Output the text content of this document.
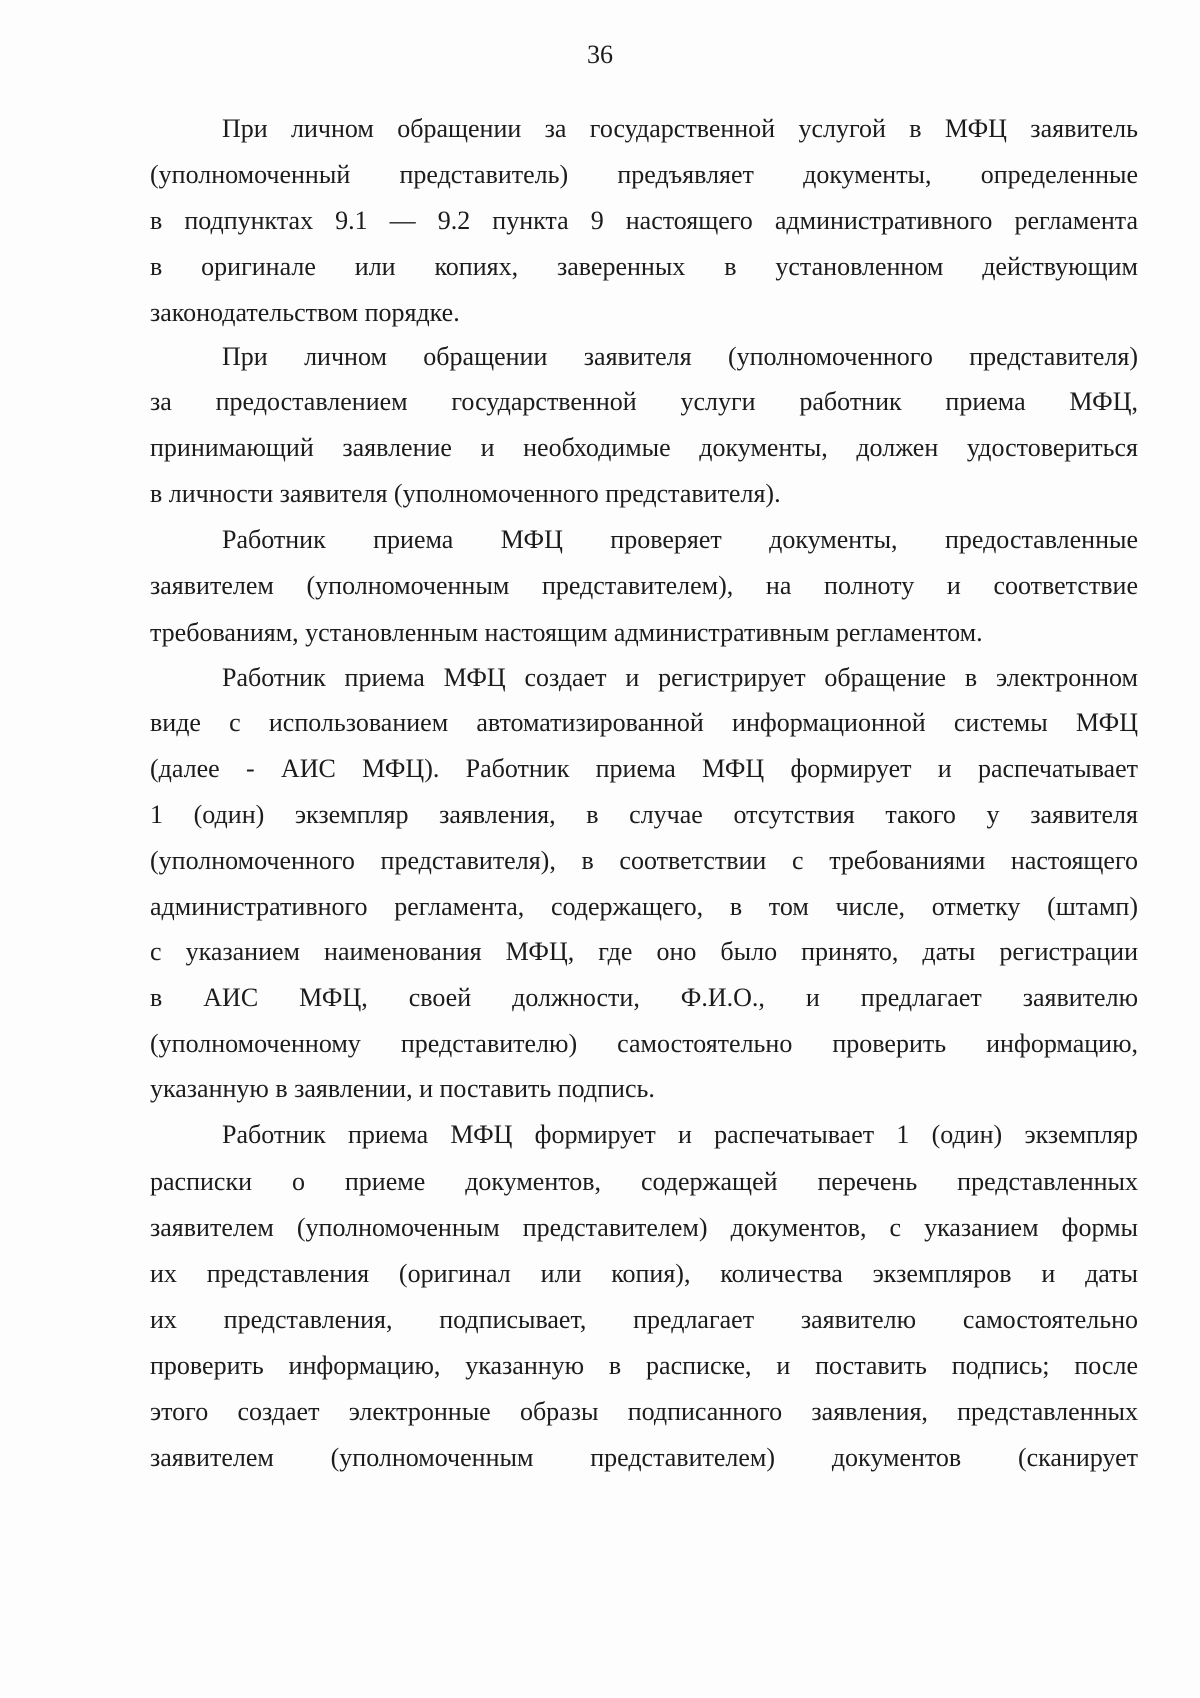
36
При личном обращении за государственной услугой в МФЦ заявитель
(уполномоченный представитель) предъявляет документы, определенные
в подпунктах 9.1 — 9.2 пункта 9 настоящего административного регламента
в оригинале или копиях, заверенных в установленном действующим
законодательством порядке.
При личном обращении заявителя (уполномоченного представителя)
за предоставлением государственной услуги работник приема МФЦ,
принимающий заявление и необходимые документы, должен удостовериться
в личности заявителя (уполномоченного представителя).
Работник приема МФЦ проверяет документы, предоставленные
заявителем (уполномоченным представителем), на полноту и соответствие
требованиям, установленным настоящим административным регламентом.
Работник приема МФЦ создает и регистрирует обращение в электронном
виде с использованием автоматизированной информационной системы МФЦ
(далее - АИС МФЦ). Работник приема МФЦ формирует и распечатывает
1 (один) экземпляр заявления, в случае отсутствия такого у заявителя
(уполномоченного представителя), в соответствии с требованиями настоящего
административного регламента, содержащего, в том числе, отметку (штамп)
с указанием наименования МФЦ, где оно было принято, даты регистрации
в АИС МФЦ, своей должности, Ф.И.О., и предлагает заявителю
(уполномоченному представителю) самостоятельно проверить информацию,
указанную в заявлении, и поставить подпись.
Работник приема МФЦ формирует и распечатывает 1 (один) экземпляр
расписки о приеме документов, содержащей перечень представленных
заявителем (уполномоченным представителем) документов, с указанием формы
их представления (оригинал или копия), количества экземпляров и даты
их представления, подписывает, предлагает заявителю самостоятельно
проверить информацию, указанную в расписке, и поставить подпись; после
этого создает электронные образы подписанного заявления, представленных
заявителем (уполномоченным представителем) документов (сканирует
